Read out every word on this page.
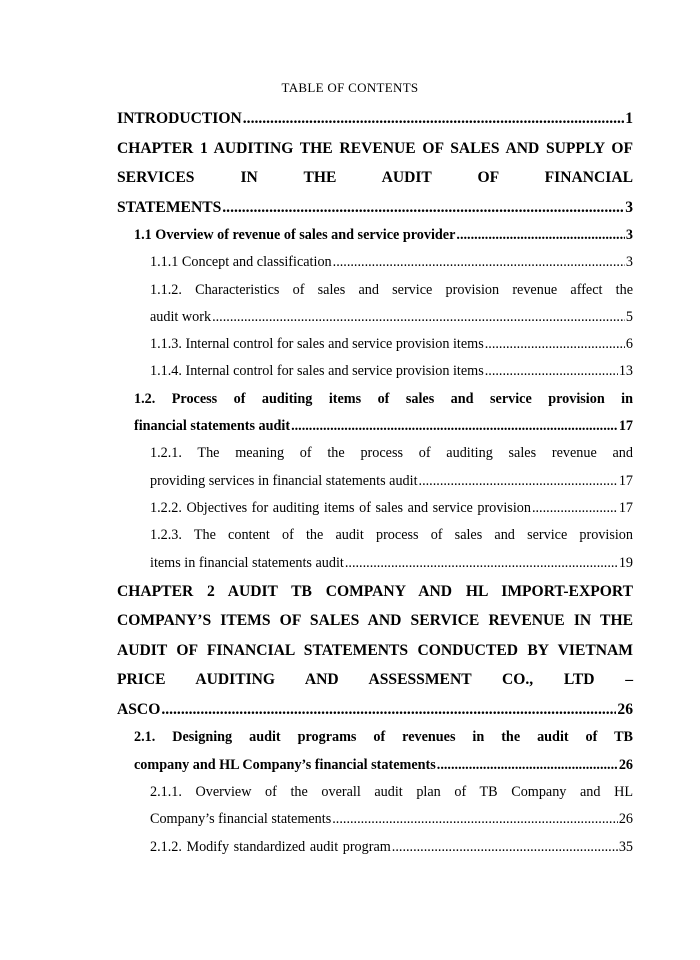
TABLE OF CONTENTS
INTRODUCTION .....	1
CHAPTER 1 AUDITING THE REVENUE OF SALES AND SUPPLY OF SERVICES IN THE AUDIT OF FINANCIAL
STATEMENTS .....	3
1.1 Overview of revenue of sales and service provider .....	3
1.1.1 Concept and classification .....	3
1.1.2. Characteristics of sales and service provision revenue affect the
audit work .....	5
1.1.3. Internal control for sales and service provision items .....	6
1.1.4. Internal control for sales and service provision items .....	13
1.2. Process of auditing items of sales and service provision in
financial statements audit .....	17
1.2.1. The meaning of the process of auditing sales revenue and
providing services in financial statements audit .....	17
1.2.2. Objectives for auditing items of sales and service provision .....	17
1.2.3. The content of the audit process of sales and service provision
items in financial statements audit .....	19
CHAPTER 2 AUDIT TB COMPANY AND HL IMPORT-EXPORT COMPANY’S ITEMS OF SALES AND SERVICE REVENUE IN THE AUDIT OF FINANCIAL STATEMENTS CONDUCTED BY VIETNAM PRICE AUDITING AND ASSESSMENT CO., LTD –
ASCO .....	26
2.1. Designing audit programs of revenues in the audit of TB
company and HL Company’s financial statements .....	26
2.1.1. Overview of the overall audit plan of TB Company and HL
Company’s financial statements .....	26
2.1.2. Modify standardized audit program .....	35
